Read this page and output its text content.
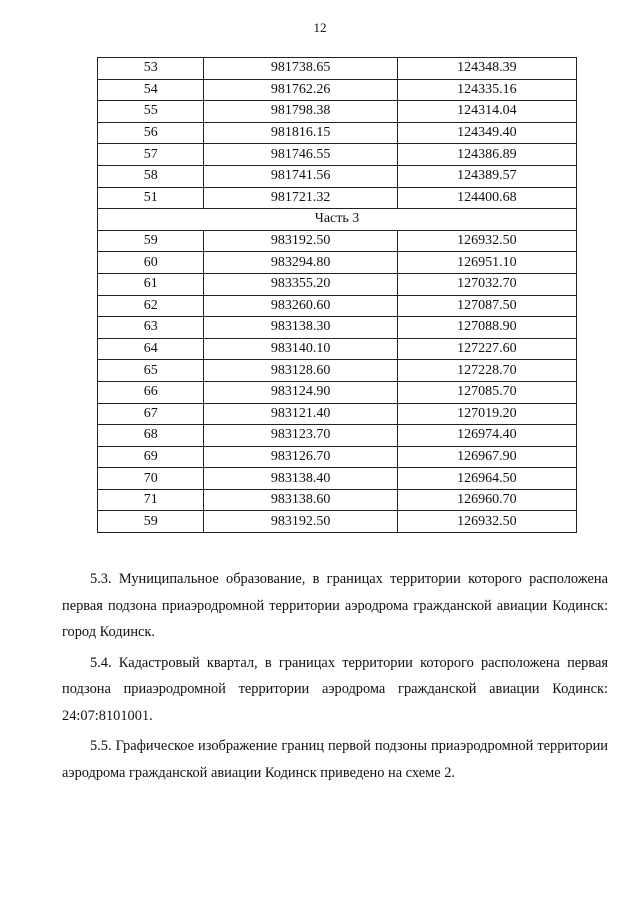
12
53	981738.65	124348.39
54	981762.26	124335.16
55	981798.38	124314.04
56	981816.15	124349.40
57	981746.55	124386.89
58	981741.56	124389.57
51	981721.32	124400.68
Часть 3		
59	983192.50	126932.50
60	983294.80	126951.10
61	983355.20	127032.70
62	983260.60	127087.50
63	983138.30	127088.90
64	983140.10	127227.60
65	983128.60	127228.70
66	983124.90	127085.70
67	983121.40	127019.20
68	983123.70	126974.40
69	983126.70	126967.90
70	983138.40	126964.50
71	983138.60	126960.70
59	983192.50	126932.50

5.3. Муниципальное образование, в границах территории которого расположена первая подзона приаэродромной территории аэродрома гражданской авиации Кодинск: город Кодинск.

5.4. Кадастровый квартал, в границах территории которого расположена первая подзона приаэродромной территории аэродрома гражданской авиации Кодинск: 24:07:8101001.

5.5. Графическое изображение границ первой подзоны приаэродромной территории аэродрома гражданской авиации Кодинск приведено на схеме 2.
